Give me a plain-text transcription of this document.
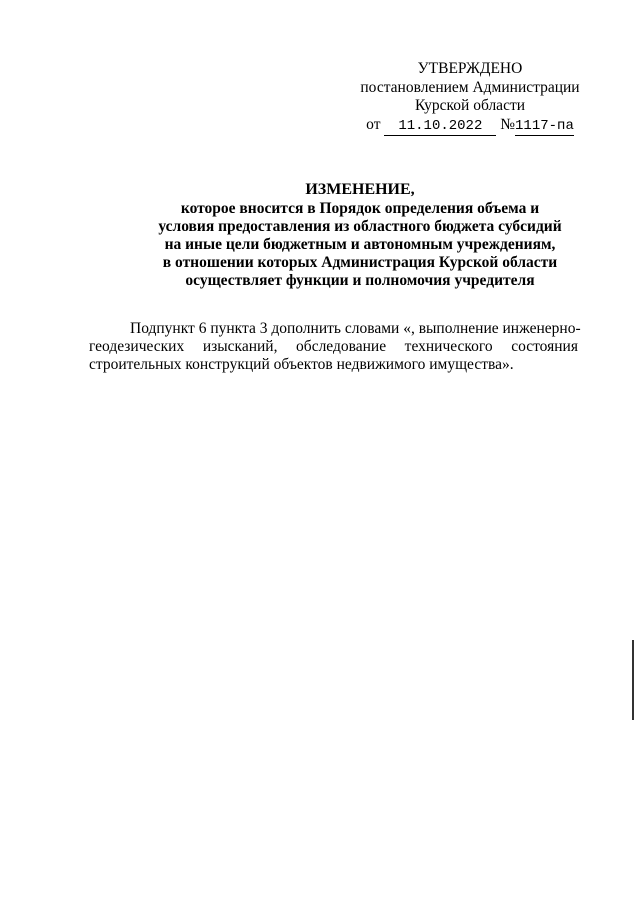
УТВЕРЖДЕНО
постановлением Администрации
Курской области
от 11.10.2022 №1117-па
ИЗМЕНЕНИЕ,
которое вносится в Порядок определения объема и
условия предоставления из областного бюджета субсидий
на иные цели бюджетным и автономным учреждениям,
в отношении которых Администрация Курской области
осуществляет функции и полномочия учредителя
Подпункт 6 пункта 3 дополнить словами «, выполнение инженерно-
геодезических изысканий, обследование технического состояния
строительных конструкций объектов недвижимого имущества».
